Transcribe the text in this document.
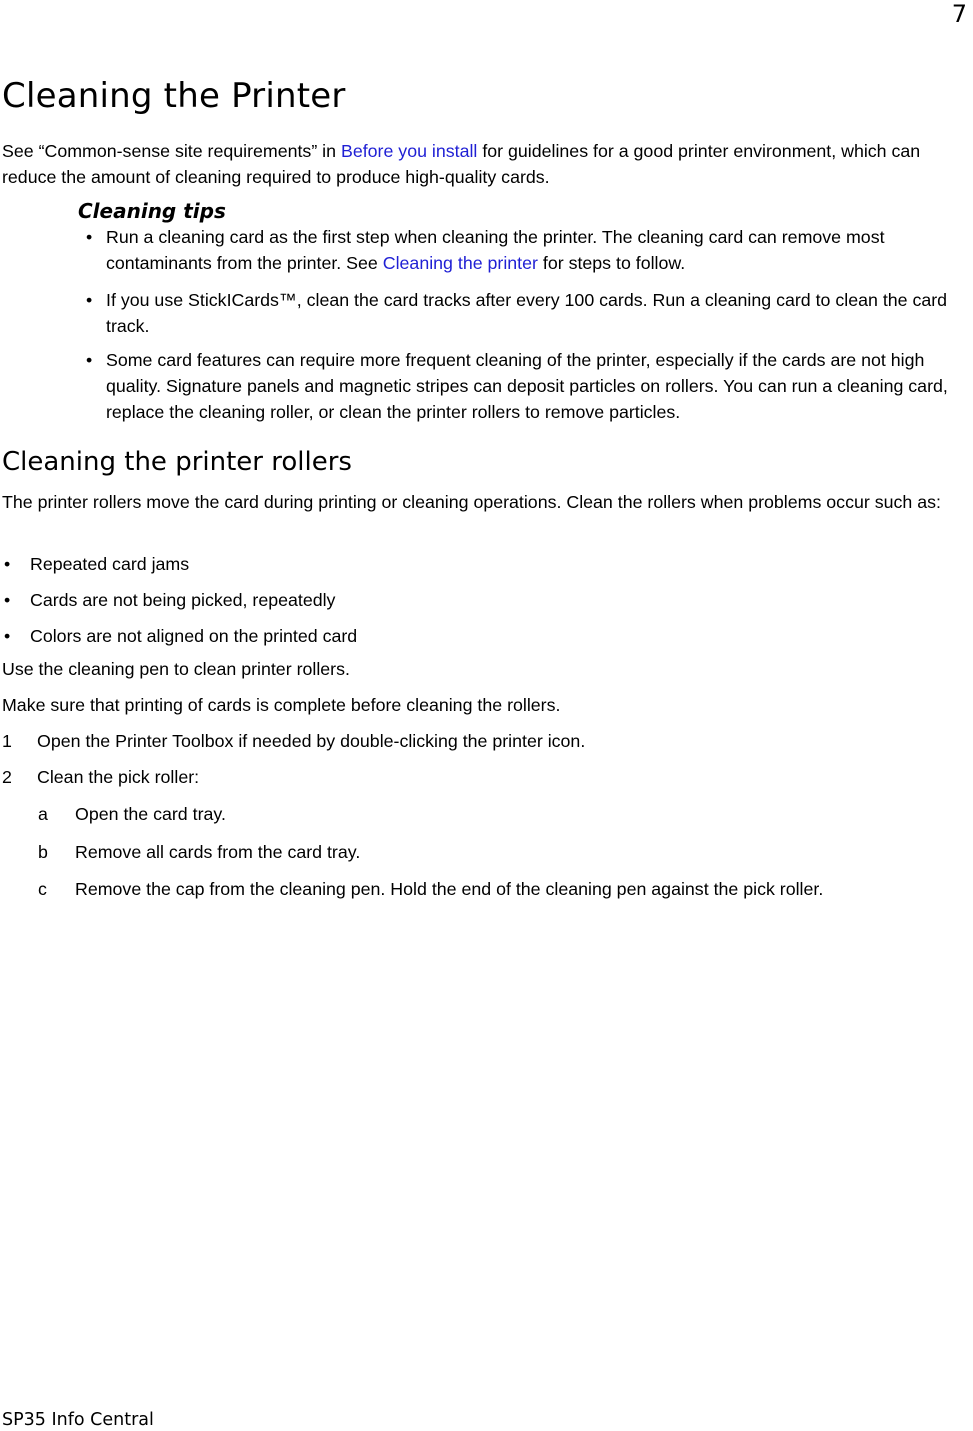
7
Cleaning the Printer

See “Common-sense site requirements” in Before you install for guidelines for a good printer environment, which can reduce the amount of cleaning required to produce high-quality cards.

Cleaning tips
• Run a cleaning card as the first step when cleaning the printer. The cleaning card can remove most contaminants from the printer. See Cleaning the printer for steps to follow.

• If you use StickICards™, clean the card tracks after every 100 cards. Run a cleaning card to clean the card track.

• Some card features can require more frequent cleaning of the printer, especially if the cards are not high quality. Signature panels and magnetic stripes can deposit particles on rollers. You can run a cleaning card, replace the cleaning roller, or clean the printer rollers to remove particles.

Cleaning the printer rollers

The printer rollers move the card during printing or cleaning operations. Clean the rollers when problems occur such as:

• Repeated card jams

• Cards are not being picked, repeatedly

• Colors are not aligned on the printed card

Use the cleaning pen to clean printer rollers.

Make sure that printing of cards is complete before cleaning the rollers.

1 Open the Printer Toolbox if needed by double-clicking the printer icon.

2 Clean the pick roller:

a Open the card tray.

b Remove all cards from the card tray.

c Remove the cap from the cleaning pen. Hold the end of the cleaning pen against the pick roller.

SP35 Info Central
